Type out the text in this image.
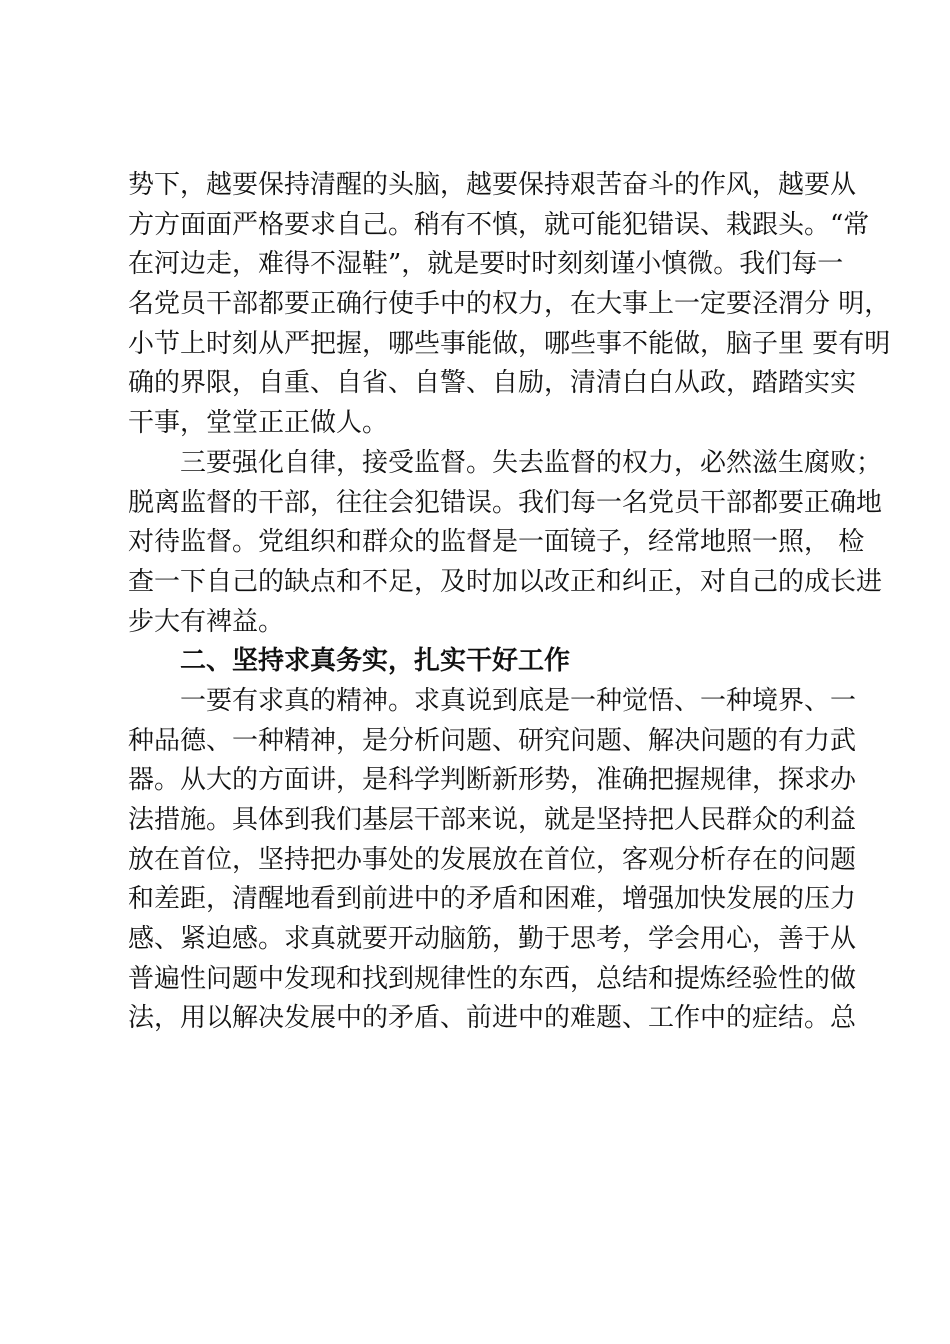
势下，越要保持清醒的头脑，越要保持艰苦奋斗的作风，越要从
方方面面严格要求自己。稍有不慎，就可能犯错误、栽跟头。“常
在河边走，难得不湿鞋”，就是要时时刻刻谨小慎微。我们每一
名党员干部都要正确行使手中的权力，在大事上一定要泾渭分 明，
小节上时刻从严把握，哪些事能做，哪些事不能做，脑子里 要有明
确的界限，自重、自省、自警、自励，清清白白从政，踏踏实实
干事，堂堂正正做人。
三要强化自律，接受监督。失去监督的权力，必然滋生腐败；
脱离监督的干部，往往会犯错误。我们每一名党员干部都要正确地
对待监督。党组织和群众的监督是一面镜子，经常地照一照， 检
查一下自己的缺点和不足，及时加以改正和纠正，对自己的成长进
步大有裨益。
二、坚持求真务实，扎实干好工作
一要有求真的精神。求真说到底是一种觉悟、一种境界、一
种品德、一种精神，是分析问题、研究问题、解决问题的有力武
器。从大的方面讲，是科学判断新形势，准确把握规律，探求办
法措施。具体到我们基层干部来说，就是坚持把人民群众的利益
放在首位，坚持把办事处的发展放在首位，客观分析存在的问题
和差距，清醒地看到前进中的矛盾和困难，增强加快发展的压力
感、紧迫感。求真就要开动脑筋，勤于思考，学会用心，善于从
普遍性问题中发现和找到规律性的东西，总结和提炼经验性的做
法，用以解决发展中的矛盾、前进中的难题、工作中的症结。总
